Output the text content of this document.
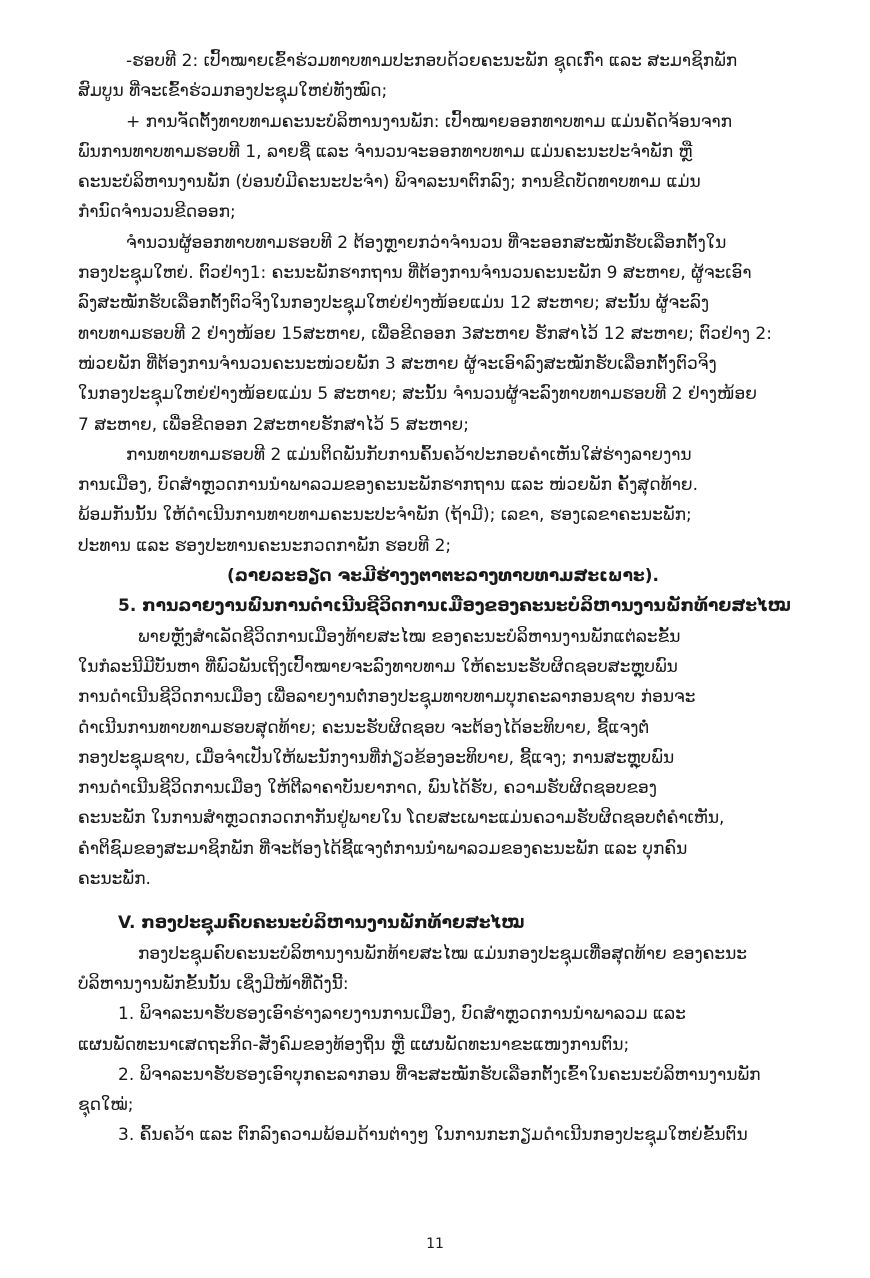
-ຮອບທີ 2: ເປົ້າໝາຍເຂົ້າຮ່ວມທາບທາມປະກອບດ້ວຍຄະນະພັກ ຊຸດເກົ່າ ແລະ ສະມາຊິກພັກ
ສົມບູນ ທີ່ຈະເຂົ້າຮ່ວມກອງປະຊຸມໃຫຍ່ທັງໝົດ;
+ ການຈັດຕັ້ງທາບທາມຄະນະບໍລິຫານງານພັກ: ເປົ້າໝາຍອອກທາບທາມ ແມ່ນຄັດຈ້ອນຈາກ
ພົນການທາບທາມຮອບທີ 1, ລາຍຊື່ ແລະ ຈຳນວນຈະອອກທາບທາມ ແມ່ນຄະນະປະຈຳພັກ ຫຼື
ຄະນະບໍລິຫານງານພັກ (ບ່ອນບໍ່ມີຄະນະປະຈຳ) ພິຈາລະນາຕົກລົງ; ການຂີດບັດທາບທາມ ແມ່ນ
ກຳນົດຈຳນວນຂີດອອກ;
ຈຳນວນຜູ້ອອກທາບທາມຮອບທີ 2 ຕ້ອງຫຼາຍກວ່າຈຳນວນ ທີ່ຈະອອກສະໝັກຮັບເລືອກຕັ້ງໃນ
ກອງປະຊຸມໃຫຍ່. ຕົວຢ່າງ1: ຄະນະພັກຮາກຖານ ທີ່ຕ້ອງການຈຳນວນຄະນະພັກ 9 ສະຫາຍ, ຜູ້ຈະເອົາ
ລົງສະໝັກຮັບເລືອກຕັ້ງຕົວຈິງໃນກອງປະຊຸມໃຫຍ່ຢ່າງໜ້ອຍແມ່ນ 12 ສະຫາຍ; ສະນັ້ນ ຜູ້ຈະລົງ
ທາບທາມຮອບທີ 2 ຢ່າງໜ້ອຍ 15ສະຫາຍ, ເພື່ອຂີດອອກ 3ສະຫາຍ ຮັກສາໄວ້ 12 ສະຫາຍ; ຕົວຢ່າງ 2:
ໜ່ວຍພັກ ທີ່ຕ້ອງການຈຳນວນຄະນະໜ່ວຍພັກ 3 ສະຫາຍ ຜູ້ຈະເອົາລົງສະໝັກຮັບເລືອກຕັ້ງຕົວຈິງ
ໃນກອງປະຊຸມໃຫຍ່ຢ່າງໜ້ອຍແມ່ນ 5 ສະຫາຍ; ສະນັ້ນ ຈຳນວນຜູ້ຈະລົງທາບທາມຮອບທີ 2 ຢ່າງໜ້ອຍ
7 ສະຫາຍ, ເພື່ອຂີດອອກ 2ສະຫາຍຮັກສາໄວ້ 5 ສະຫາຍ;
ການທາບທາມຮອບທີ 2 ແມ່ນຕິດພັນກັບການຄົ້ນຄວ້າປະກອບຄຳເຫັນໃສ່ຮ່າງລາຍງານ
ການເມືອງ, ບົດສຳຫຼວດການນຳພາລວມຂອງຄະນະພັກຮາກຖານ ແລະ ໜ່ວຍພັກ ຄັ້ງສຸດທ້າຍ.
ພ້ອມກັນນັ້ນ ໃຫ້ດຳເນີນການທາບທາມຄະນະປະຈຳພັກ (ຖ້າມີ); ເລຂາ, ຮອງເລຂາຄະນະພັກ;
ປະທານ ແລະ ຮອງປະທານຄະນະກວດກາພັກ ຮອບທີ 2;
(ລາຍລະອຽດ ຈະມີຮ່າງງຕາຕະລາງທາບທາມສະເພາະ).
5. ການລາຍງານພົນການດຳເນີນຊີວິດການເມືອງຂອງຄະນະບໍລິຫານງານພັກທ້າຍສະໄໝ
ພາຍຫຼັງສຳເລັດຊີວິດການເມືອງທ້າຍສະໄໝ ຂອງຄະນະບໍລິຫານງານພັກແຕ່ລະຂັ້ນ
ໃນກໍລະນີມີບັນຫາ ທີ່ພົວພັນເຖິງເປົ້າໝາຍຈະລົງທາບທາມ ໃຫ້ຄະນະຮັບຜິດຊອບສະຫຼຸບພົນ
ການດຳເນີນຊີວິດການເມືອງ ເພື່ອລາຍງານຕໍ່ກອງປະຊຸມທາບທາມບຸກຄະລາກອນຊາບ ກ່ອນຈະ
ດຳເນີນການທາບທາມຮອບສຸດທ້າຍ; ຄະນະຮັບຜິດຊອບ ຈະຕ້ອງໄດ້ອະທິບາຍ, ຊີ້ແຈງຕໍ່
ກອງປະຊຸມຊາບ, ເມື່ອຈຳເປັນໃຫ້ພະນັກງານທີ່ກ່ຽວຂ້ອງອະທິບາຍ, ຊີ້ແຈງ; ການສະຫຼຸບພົນ
ການດຳເນີນຊີວິດການເມືອງ ໃຫ້ຕີລາຄາບັນຍາກາດ, ພົນໄດ້ຮັບ, ຄວາມຮັບຜິດຊອບຂອງ
ຄະນະພັກ ໃນການສຳຫຼວດກວດກາກັນຢູ່ພາຍໃນ ໂດຍສະເພາະແມ່ນຄວາມຮັບຜິດຊອບຕໍ່ຄຳເຫັນ,
ຄຳຕິຊົມຂອງສະມາຊິກພັກ ທີ່ຈະຕ້ອງໄດ້ຊີ້ແຈງຕໍ່ການນຳພາລວມຂອງຄະນະພັກ ແລະ ບຸກຄົນ
ຄະນະພັກ.
V. ກອງປະຊຸມຄົບຄະນະບໍລິຫານງານພັກທ້າຍສະໄໝ
ກອງປະຊຸມຄົບຄະນະບໍລິຫານງານພັກທ້າຍສະໄໝ ແມ່ນກອງປະຊຸມເທື່ອສຸດທ້າຍ ຂອງຄະນະ
ບໍລິຫານງານພັກຂັ້ນນັ້ນ ເຊິ່ງມີໜ້າທີ່ດັ່ງນີ້:
1. ພິຈາລະນາຮັບຮອງເອົາຮ່າງລາຍງານການເມືອງ, ບົດສຳຫຼວດການນຳພາລວມ ແລະ
ແຜນພັດທະນາເສດຖະກິດ-ສັງຄົມຂອງທ້ອງຖິ່ນ ຫຼື ແຜນພັດທະນາຂະແໜງການຕົນ;
2. ພິຈາລະນາຮັບຮອງເອົາບຸກຄະລາກອນ ທີ່ຈະສະໝັກຮັບເລືອກຕັ້ງເຂົ້າໃນຄະນະບໍລິຫານງານພັກ
ຊຸດໃໝ່;
3. ຄົ້ນຄວ້າ ແລະ ຕົກລົງຄວາມພ້ອມດ້ານຕ່າງໆ ໃນການກະກຽມດຳເນີນກອງປະຊຸມໃຫຍ່ຂັ້ນຕົນ
11
